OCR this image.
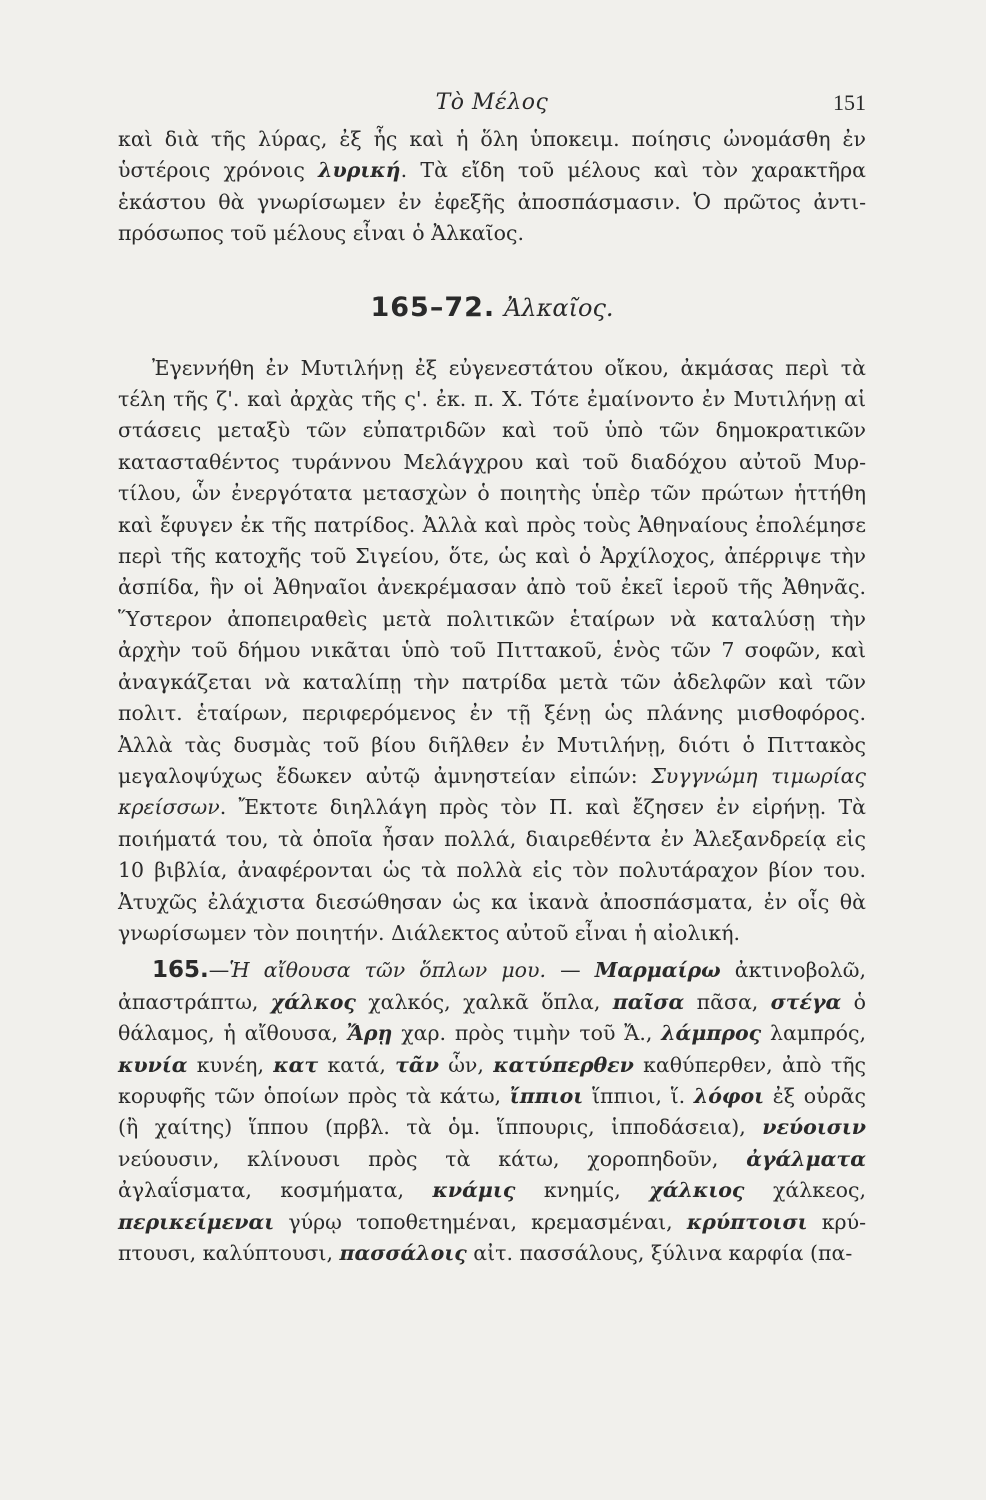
Τὸ Μέλος	151

καὶ διὰ τῆς λύρας, ἐξ ἧς καὶ ἡ ὅλη ὑποκειμ. ποίησις ὠνομάσθη ἐν ὑστέροις χρόνοις λυρική. Τὰ εἴδη τοῦ μέλους καὶ τὸν χαρακτῆρα ἑκάστου θὰ γνωρίσωμεν ἐν ἐφεξῆς ἀποσπάσμασιν. Ὁ πρῶτος ἀντιπρόσωπος τοῦ μέλους εἶναι ὁ Ἀλκαῖος.

165–72. Ἀλκαῖος.

Ἐγεννήθη ἐν Μυτιλήνῃ ἐξ εὐγενεστάτου οἴκου, ἀκμάσας περὶ τὰ τέλη τῆς ζ'. καὶ ἀρχὰς τῆς ς'. ἐκ. π. Χ. Τότε ἐμαίνοντο ἐν Μυτιλήνῃ αἱ στάσεις μεταξὺ τῶν εὐπατριδῶν καὶ τοῦ ὑπὸ τῶν δημοκρατικῶν κατασταθέντος τυράννου Μελάγχρου καὶ τοῦ διαδόχου αὐτοῦ Μυρτίλου, ὧν ἐνεργότατα μετασχὼν ὁ ποιητὴς ὑπὲρ τῶν πρώτων ἡττήθη καὶ ἔφυγεν ἐκ τῆς πατρίδος. Ἀλλὰ καὶ πρὸς τοὺς Ἀθηναίους ἐπολέμησε περὶ τῆς κατοχῆς τοῦ Σιγείου, ὅτε, ὡς καὶ ὁ Ἀρχίλοχος, ἀπέρριψε τὴν ἀσπίδα, ἣν οἱ Ἀθηναῖοι ἀνεκρέμασαν ἀπὸ τοῦ ἐκεῖ ἱεροῦ τῆς Ἀθηνᾶς. Ὕστερον ἀποπειραθεὶς μετὰ πολιτικῶν ἑταίρων νὰ καταλύσῃ τὴν ἀρχὴν τοῦ δήμου νικᾶται ὑπὸ τοῦ Πιττακοῦ, ἑνὸς τῶν 7 σοφῶν, καὶ ἀναγκάζεται νὰ καταλίπῃ τὴν πατρίδα μετὰ τῶν ἀδελφῶν καὶ τῶν πολιτ. ἑταίρων, περιφερόμενος ἐν τῇ ξένῃ ὡς πλάνης μισθοφόρος. Ἀλλὰ τὰς δυσμὰς τοῦ βίου διῆλθεν ἐν Μυτιλήνῃ, διότι ὁ Πιττακὸς μεγαλοψύχως ἔδωκεν αὐτῷ ἀμνηστείαν εἰπών: Συγγνώμη τιμωρίας κρείσσων. Ἔκτοτε διηλλάγη πρὸς τὸν Π. καὶ ἔζησεν ἐν εἰρήνῃ. Τὰ ποιήματά του, τὰ ὁποῖα ἦσαν πολλά, διαιρεθέντα ἐν Ἀλεξανδρείᾳ εἰς 10 βιβλία, ἀναφέρονται ὡς τὰ πολλὰ εἰς τὸν πολυτάραχον βίον του. Ἀτυχῶς ἐλάχιστα διεσώθησαν ὡς κα ἱκανὰ ἀποσπάσματα, ἐν οἷς θὰ γνωρίσωμεν τὸν ποιητήν. Διάλεκτος αὐτοῦ εἶναι ἡ αἰολική.

165.—Ἡ αἴθουσα τῶν ὅπλων μου. — Μαρμαίρω ἀκτινοβολῶ, ἀπαστράπτω, χάλκος χαλκός, χαλκᾶ ὅπλα, παῖσα πᾶσα, στέγα ὁ θάλαμος, ἡ αἴθουσα, Ἄρῃ χαρ. πρὸς τιμὴν τοῦ Ἄ., λάμπρος λαμπρός, κυνία κυνέη, κατ κατά, τᾶν ὧν, κατύπερθεν καθύπερθεν, ἀπὸ τῆς κορυφῆς τῶν ὁποίων πρὸς τὰ κάτω, ἴππιοι ἵππιοι, ἵ. λόφοι ἐξ οὐρᾶς (ἢ χαίτης) ἵππου (πρβλ. τὰ ὁμ. ἵππουρις, ἱπποδάσεια), νεύοισιν νεύουσιν, κλίνουσι πρὸς τὰ κάτω, χοροπηδοῦν, ἀγάλματα ἀγλαΐσματα, κοσμήματα, κνάμις κνημίς, χάλκιος χάλκεος, περικείμεναι γύρῳ τοποθετημέναι, κρεμασμέναι, κρύπτοισι κρύπτουσι, καλύπτουσι, πασσάλοις αἰτ. πασσάλους, ξύλινα καρφία (πα-
